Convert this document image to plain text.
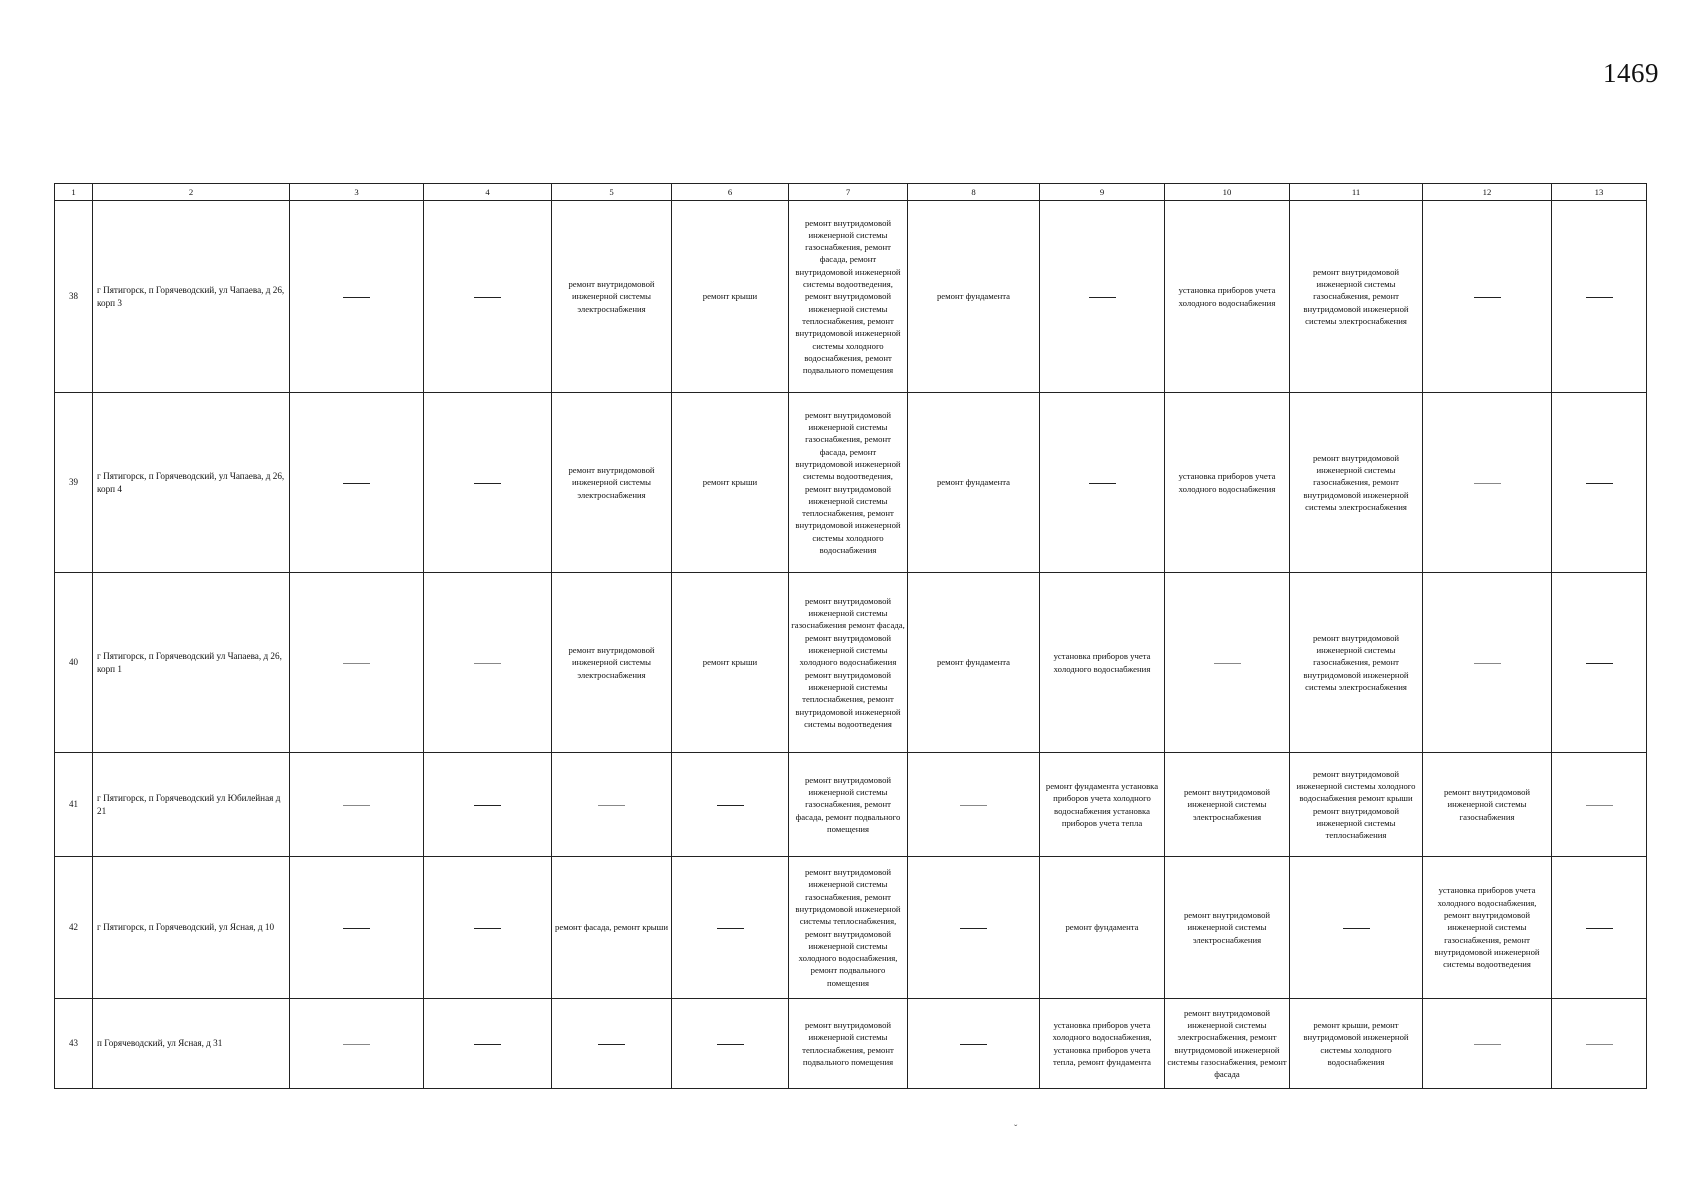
1469
1	2	3	4	5	6	7	8	9	10	11	12	13
38	г Пятигорск, п Горячеводский, ул Чапаева, д 26, корп 3			ремонт внутридомовой инженерной системы электроснабжения	ремонт крыши	ремонт внутридомовой инженерной системы газоснабжения, ремонт фасада, ремонт внутридомовой инженерной системы водоотведения, ремонт внутридомовой инженерной системы теплоснабжения, ремонт внутридомовой инженерной системы холодного водоснабжения, ремонт подвального помещения	ремонт фундамента		установка приборов учета холодного водоснабжения	ремонт внутридомовой инженерной системы газоснабжения, ремонт внутридомовой инженерной системы электроснабжения		
39	г Пятигорск, п Горячеводский, ул Чапаева, д 26, корп 4			ремонт внутридомовой инженерной системы электроснабжения	ремонт крыши	ремонт внутридомовой инженерной системы газоснабжения, ремонт фасада, ремонт внутридомовой инженерной системы водоотведения, ремонт внутридомовой инженерной системы теплоснабжения, ремонт внутридомовой инженерной системы холодного водоснабжения	ремонт фундамента		установка приборов учета холодного водоснабжения	ремонт внутридомовой инженерной системы газоснабжения, ремонт внутридомовой инженерной системы электроснабжения		
40	г Пятигорск, п Горячеводский ул Чапаева, д 26, корп 1			ремонт внутридомовой инженерной системы электроснабжения	ремонт крыши	ремонт внутридомовой инженерной системы газоснабжения ремонт фасада, ремонт внутридомовой инженерной системы холодного водоснабжения ремонт внутридомовой инженерной системы теплоснабжения, ремонт внутридомовой инженерной системы водоотведения	ремонт фундамента	установка приборов учета холодного водоснабжения		ремонт внутридомовой инженерной системы газоснабжения, ремонт внутридомовой инженерной системы электроснабжения		
41	г Пятигорск, п Горячеводский ул Юбилейная д 21					ремонт внутридомовой инженерной системы газоснабжения, ремонт фасада, ремонт подвального помещения		ремонт фундамента установка приборов учета холодного водоснабжения установка приборов учета тепла	ремонт внутридомовой инженерной системы электроснабжения	ремонт внутридомовой инженерной системы холодного водоснабжения ремонт крыши ремонт внутридомовой инженерной системы теплоснабжения	ремонт внутридомовой инженерной системы газоснабжения	
42	г Пятигорск, п Горячеводский, ул Ясная, д 10			ремонт фасада, ремонт крыши		ремонт внутридомовой инженерной системы газоснабжения, ремонт внутридомовой инженерной системы теплоснабжения, ремонт внутридомовой инженерной системы холодного водоснабжения, ремонт подвального помещения		ремонт фундамента	ремонт внутридомовой инженерной системы электроснабжения		установка приборов учета холодного водоснабжения, ремонт внутридомовой инженерной системы газоснабжения, ремонт внутридомовой инженерной системы водоотведения	
43	п Горячеводский, ул Ясная, д 31					ремонт внутридомовой инженерной системы теплоснабжения, ремонт подвального помещения		установка приборов учета холодного водоснабжения, установка приборов учета тепла, ремонт фундамента	ремонт внутридомовой инженерной системы электроснабжения, ремонт внутридомовой инженерной системы газоснабжения, ремонт фасада	ремонт крыши, ремонт внутридомовой инженерной системы холодного водоснабжения		
ˇ
